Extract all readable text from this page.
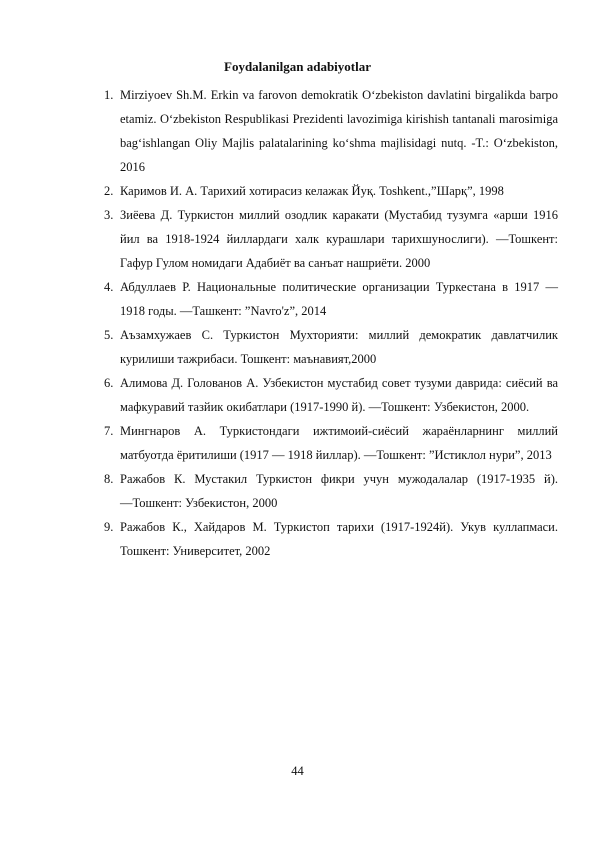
Foydalanilgan adabiyotlar
1. Mirziyoev Sh.M. Erkin va farovon demokratik O‘zbekiston davlatini birgalikda barpo etamiz. O‘zbekiston Respublikasi Prezidenti lavozimiga kirishish tantanali marosimiga bag‘ishlangan Oliy Majlis palatalarining ko‘shma majlisidagi nutq. -T.: O‘zbekiston, 2016
2. Каримов И. А. Тарихий хотирасиз келажак Йуқ. Toshkent.,”Шарқ”, 1998
3. Зиёева Д. Туркистон миллий озодлик каракати (Мустабид тузумга «арши 1916 йил ва 1918-1924 йиллардаги халк курашлари тарихшунослиги). ―Тошкент: Гафур Гулом номидаги Адабиёт ва санъат нашриёти. 2000
4. Абдуллаев Р. Национальные политические организации Туркестана в 1917 — 1918 годы. ―Ташкент: ”Navro'z”, 2014
5. Аъзамхужаев С. Туркистон Мухторияти: миллий демократик давлатчилик курилиши тажрибаси. Тошкент: маънавият,2000
6. Алимова Д. Голованов А. Узбекистон мустабид совет тузуми даврида: сиёсий ва мафкуравий тазйик окибатлари (1917-1990 й). ―Тошкент: Узбекистон, 2000.
7. Мингнаров А. Туркистондаги ижтимоий-сиёсий жараёнларнинг миллий матбуотда ёритилиши (1917 — 1918 йиллар). ―Тошкент: ”Истиклол нури”, 2013
8. Ражабов К. Мустакил Туркистон фикри учун мужодалалар (1917-1935 й). ―Тошкент: Узбекистон, 2000
9. Ражабов К., Хайдаров М. Туркистоп тарихи (1917-1924й). Укув куллапмаси. Тошкент: Университет, 2002
44
